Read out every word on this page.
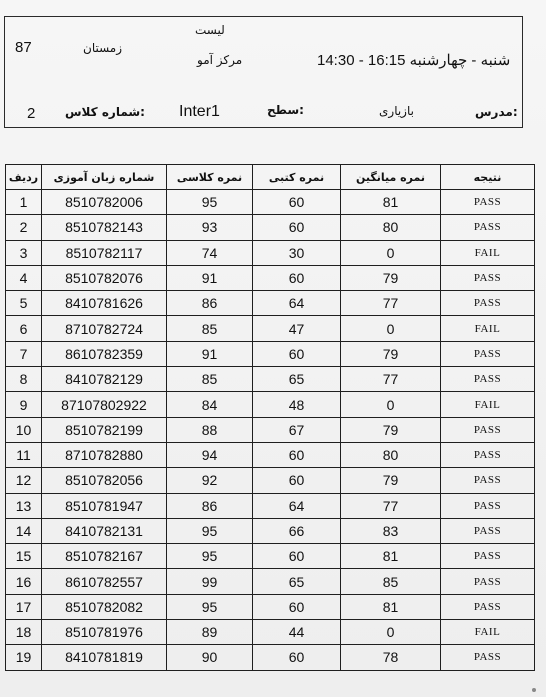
87	زمستان
لیست
مرکز آمو	شنبه - چهارشنبه 16:15 - 14:30
2 شماره کلاس: Inter1	سطح:	بازیاری	مدرس:
ردیف	شماره زبان آموزی	نمره کلاسی	نمره کتبی	نمره میانگین	نتیجه
1	8510782006	95	60	81	PASS
2	8510782143	93	60	80	PASS
3	8510782117	74	30	0	FAIL
4	8510782076	91	60	79	PASS
5	8410781626	86	64	77	PASS
6	8710782724	85	47	0	FAIL
7	8610782359	91	60	79	PASS
8	8410782129	85	65	77	PASS
9	87107802922	84	48	0	FAIL
10	8510782199	88	67	79	PASS
11	8710782880	94	60	80	PASS
12	8510782056	92	60	79	PASS
13	8510781947	86	64	77	PASS
14	8410782131	95	66	83	PASS
15	8510782167	95	60	81	PASS
16	8610782557	99	65	85	PASS
17	8510782082	95	60	81	PASS
18	8510781976	89	44	0	FAIL
19	8410781819	90	60	78	PASS
